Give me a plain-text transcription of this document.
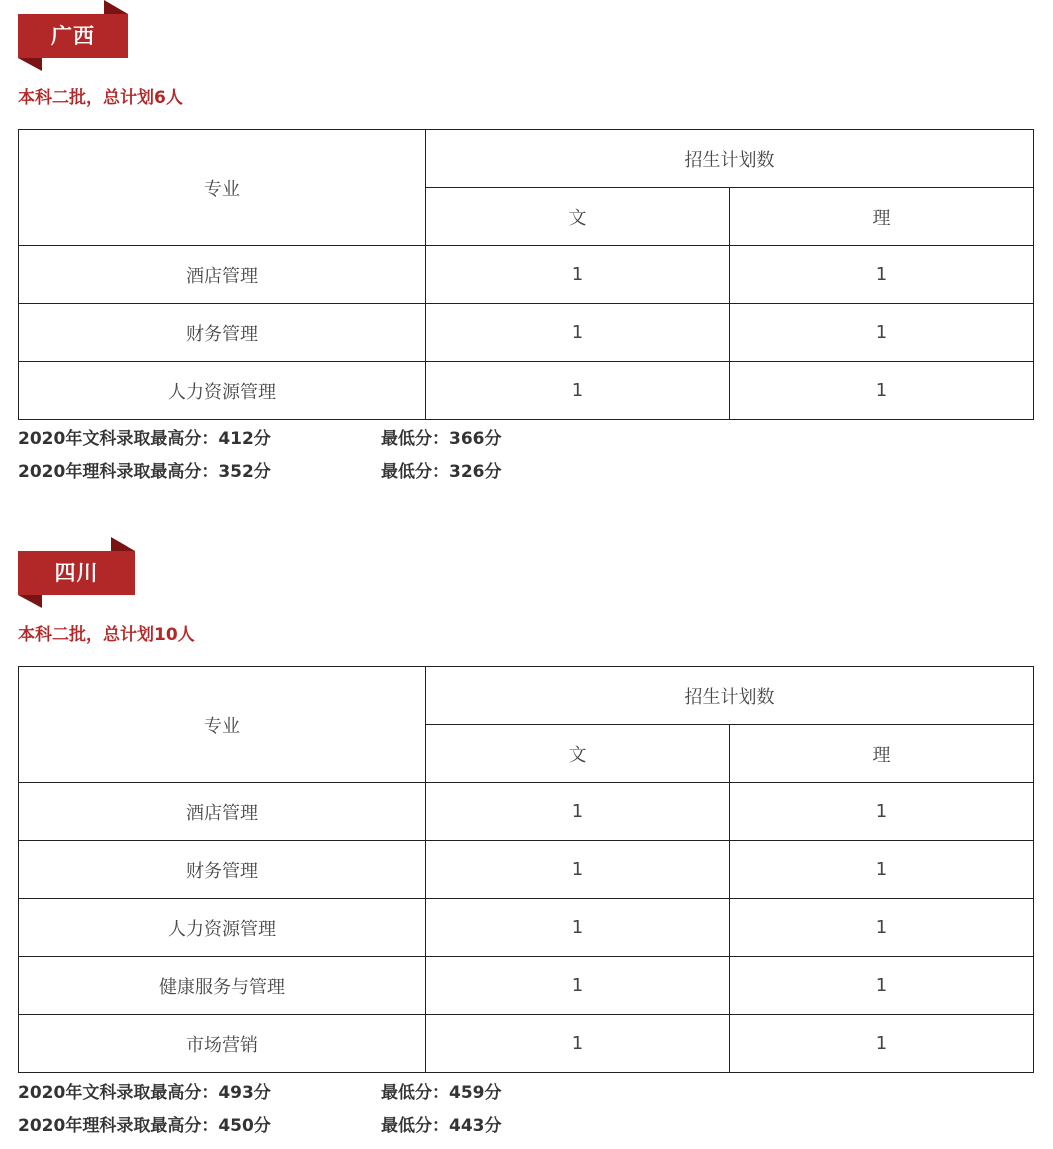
广西
本科二批，总计划6人
专业	招生计划数	
	文	理
酒店管理	1	1
财务管理	1	1
人力资源管理	1	1
2020年文科录取最高分：412分	最低分：366分
2020年理科录取最高分：352分	最低分：326分
四川
本科二批，总计划10人
专业	招生计划数	
	文	理
酒店管理	1	1
财务管理	1	1
人力资源管理	1	1
健康服务与管理	1	1
市场营销	1	1
2020年文科录取最高分：493分	最低分：459分
2020年理科录取最高分：450分	最低分：443分
